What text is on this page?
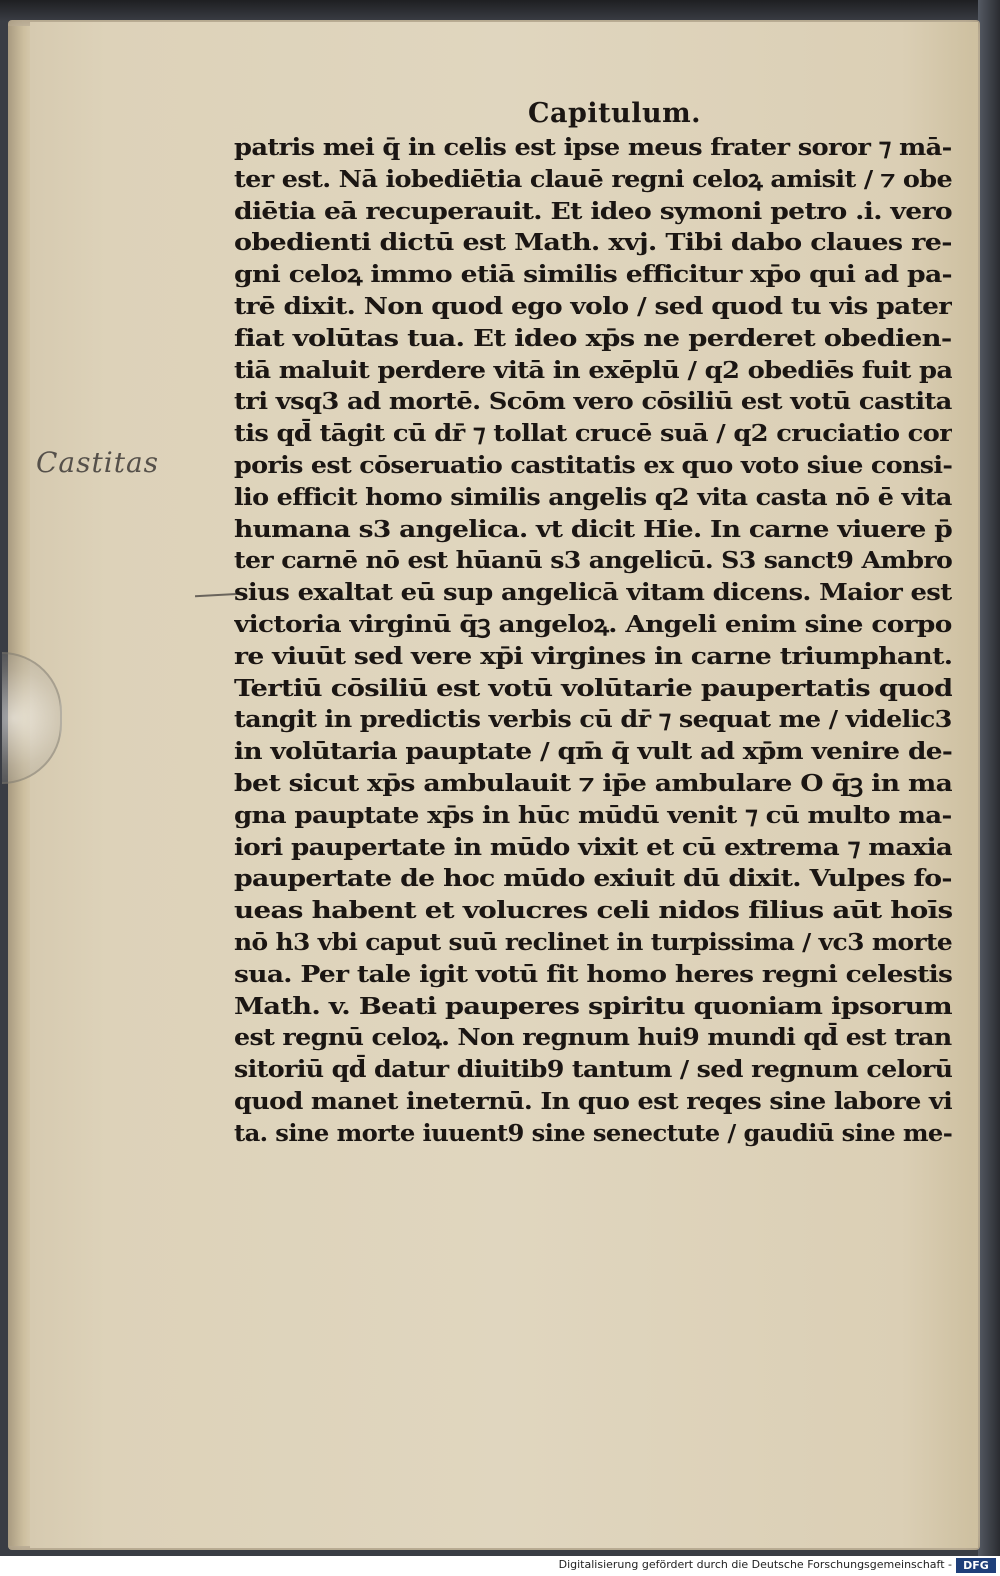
Capitulum.
Castitas
patris mei q̄ in celis est ipse meus frater soror ⁊ mā-
ter est. Nā iobediētia clauē regni celoꝝ amisit / ⁊ obe
diētia eā recuperauit. Et ideo symoni petro .i. vero
obedienti dictū est Math. xvj. Tibi dabo claues re-
gni celoꝝ immo etiā similis efficitur xp̄o qui ad pa-
trē dixit. Non quod ego volo / sed quod tu vis pater
fiat volūtas tua. Et ideo xp̄s ne perderet obedien-
tiā maluit perdere vitā in exēplū / q2 obediēs fuit pa
tri vsq3 ad mortē. Scōm vero cōsiliū est votū castita
tis qd̄ tāgit cū dr̄ ⁊ tollat crucē suā / q2 cruciatio cor
poris est cōseruatio castitatis ex quo voto siue consi-
lio efficit homo similis angelis q2 vita casta nō ē vita
humana s3 angelica. vt dicit Hie. In carne viuere p̄
ter carnē nō est hūanū s3 angelicū. S3 sanct9 Ambro
sius exaltat eū sup angelicā vitam dicens. Maior est
victoria virginū q̄ꝫ angeloꝝ. Angeli enim sine corpo
re viuūt sed vere xp̄i virgines in carne triumphant.
Tertiū cōsiliū est votū volūtarie paupertatis quod
tangit in predictis verbis cū dr̄ ⁊ sequat me / videlic3
in volūtaria pauptate / qm̄ q̄ vult ad xp̄m venire de-
bet sicut xp̄s ambulauit ⁊ ip̄e ambulare O q̄ꝫ in ma
gna pauptate xp̄s in hūc mūdū venit ⁊ cū multo ma-
iori paupertate in mūdo vixit et cū extrema ⁊ maxia
paupertate de hoc mūdo exiuit dū dixit. Vulpes fo-
ueas habent et volucres celi nidos filius aūt hoīs
nō h3 vbi caput suū reclinet in turpissima / vc3 morte
sua. Per tale igit votū fit homo heres regni celestis
Math. v. Beati pauperes spiritu quoniam ipsorum
est regnū celoꝝ. Non regnum hui9 mundi qd̄ est tran
sitoriū qd̄ datur diuitib9 tantum / sed regnum celorū
quod manet ineternū. In quo est reqes sine labore vi
ta. sine morte iuuent9 sine senectute / gaudiū sine me-
Digitalisierung gefördert durch die Deutsche Forschungsgemeinschaft -	DFG
